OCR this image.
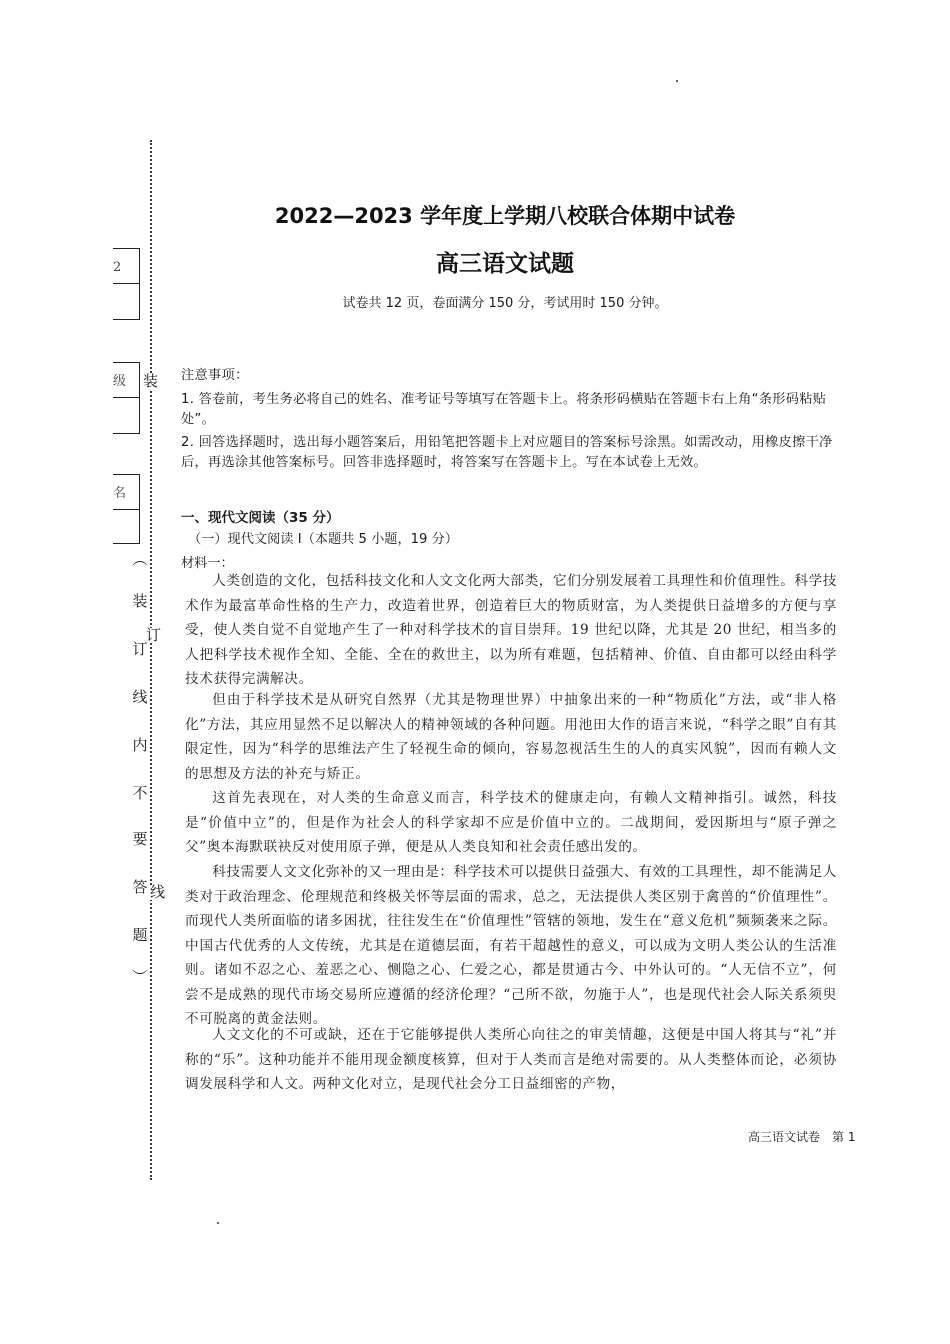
装
订
线
2
级
名
︵
装
订
线
内
不
要
答
题
︶
2022—2023 学年度上学期八校联合体期中试卷
高三语文试题
试卷共 12 页，卷面满分 150 分，考试用时 150 分钟。
注意事项：
1. 答卷前，考生务必将自己的姓名、准考证号等填写在答题卡上。将条形码横贴在答题卡右上角“条形码粘贴处”。
2. 回答选择题时，选出每小题答案后，用铅笔把答题卡上对应题目的答案标号涂黑。如需改动，用橡皮擦干净后，再选涂其他答案标号。回答非选择题时，将答案写在答题卡上。写在本试卷上无效。
一、现代文阅读（35 分）
（一）现代文阅读 I（本题共 5 小题，19 分）
材料一：
人类创造的文化，包括科技文化和人文文化两大部类，它们分别发展着工具理性和价值理性。科学技术作为最富革命性格的生产力，改造着世界，创造着巨大的物质财富，为人类提供日益增多的方便与享受，使人类自觉不自觉地产生了一种对科学技术的盲目崇拜。19 世纪以降，尤其是 20 世纪，相当多的人把科学技术视作全知、全能、全在的救世主，以为所有难题，包括精神、价值、自由都可以经由科学技术获得完满解决。
但由于科学技术是从研究自然界（尤其是物理世界）中抽象出来的一种“物质化”方法，或“非人格化”方法，其应用显然不足以解决人的精神领域的各种问题。用池田大作的语言来说，“科学之眼”自有其限定性，因为“科学的思维法产生了轻视生命的倾向，容易忽视活生生的人的真实风貌”，因而有赖人文的思想及方法的补充与矫正。
这首先表现在，对人类的生命意义而言，科学技术的健康走向，有赖人文精神指引。诚然，科技是“价值中立”的，但是作为社会人的科学家却不应是价值中立的。二战期间，爱因斯坦与“原子弹之父”奥本海默联袂反对使用原子弹，便是从人类良知和社会责任感出发的。
科技需要人文文化弥补的又一理由是：科学技术可以提供日益强大、有效的工具理性，却不能满足人类对于政治理念、伦理规范和终极关怀等层面的需求，总之，无法提供人类区别于禽兽的“价值理性”。而现代人类所面临的诸多困扰，往往发生在“价值理性”管辖的领地，发生在“意义危机”频频袭来之际。中国古代优秀的人文传统，尤其是在道德层面，有若干超越性的意义，可以成为文明人类公认的生活准则。诸如不忍之心、羞恶之心、恻隐之心、仁爱之心，都是贯通古今、中外认可的。“人无信不立”，何尝不是成熟的现代市场交易所应遵循的经济伦理？“己所不欲，勿施于人”，也是现代社会人际关系须臾不可脱离的黄金法则。
人文文化的不可或缺，还在于它能够提供人类所心向往之的审美情趣，这便是中国人将其与“礼”并称的“乐”。这种功能并不能用现金额度核算，但对于人类而言是绝对需要的。从人类整体而论，必须协调发展科学和人文。两种文化对立，是现代社会分工日益细密的产物，
高三语文试卷　第 1
